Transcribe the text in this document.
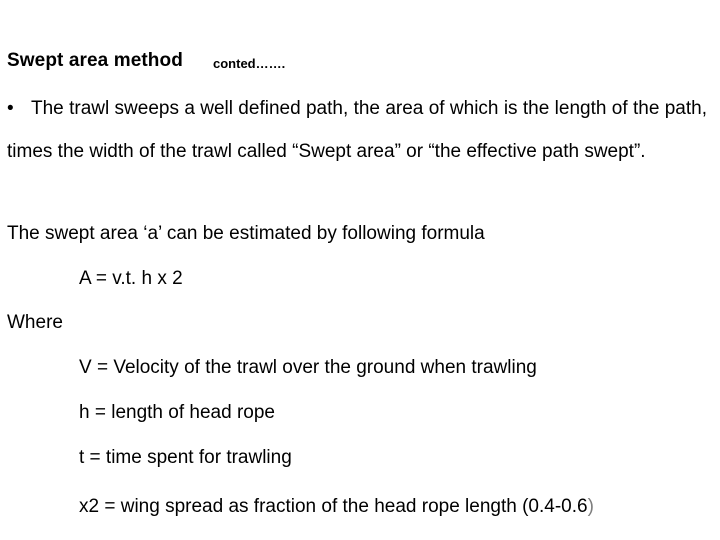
Swept area method conted…….
• The trawl sweeps a well defined path, the area of which is the length of the path, times the width of the trawl called “Swept area” or “the effective path swept”.
The swept area ‘a’ can be estimated by following formula
A = v.t. h x 2
Where
V = Velocity of the trawl over the ground when trawling
h = length of head rope
t = time spent for trawling
x2 = wing spread as fraction of the head rope length (0.4-0.6)
